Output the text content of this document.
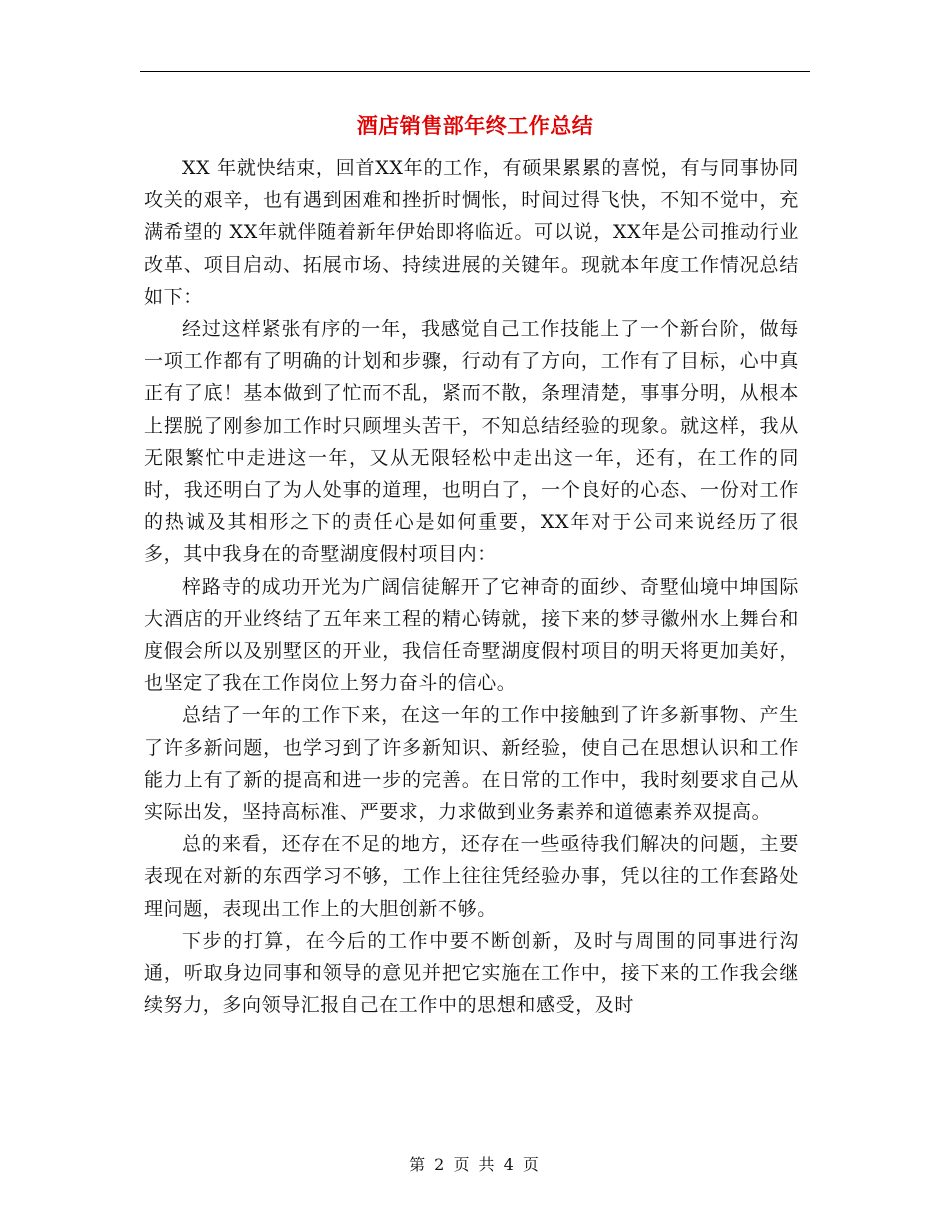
酒店销售部年终工作总结

XX 年就快结束，回首XX年的工作，有硕果累累的喜悦，有与同事协同攻关的艰辛，也有遇到困难和挫折时惆怅，时间过得飞快，不知不觉中，充满希望的 XX年就伴随着新年伊始即将临近。可以说，XX年是公司推动行业改革、项目启动、拓展市场、持续进展的关键年。现就本年度工作情况总结如下：

经过这样紧张有序的一年，我感觉自己工作技能上了一个新台阶，做每一项工作都有了明确的计划和步骤，行动有了方向，工作有了目标，心中真正有了底！基本做到了忙而不乱，紧而不散，条理清楚，事事分明，从根本上摆脱了刚参加工作时只顾埋头苦干，不知总结经验的现象。就这样，我从无限繁忙中走进这一年，又从无限轻松中走出这一年，还有，在工作的同时，我还明白了为人处事的道理，也明白了，一个良好的心态、一份对工作的热诚及其相形之下的责任心是如何重要，XX年对于公司来说经历了很多，其中我身在的奇墅湖度假村项目内：

梓路寺的成功开光为广阔信徒解开了它神奇的面纱、奇墅仙境中坤国际大酒店的开业终结了五年来工程的精心铸就，接下来的梦寻徽州水上舞台和度假会所以及别墅区的开业，我信任奇墅湖度假村项目的明天将更加美好，也坚定了我在工作岗位上努力奋斗的信心。

总结了一年的工作下来，在这一年的工作中接触到了许多新事物、产生了许多新问题，也学习到了许多新知识、新经验，使自己在思想认识和工作能力上有了新的提高和进一步的完善。在日常的工作中，我时刻要求自己从实际出发，坚持高标准、严要求，力求做到业务素养和道德素养双提高。

总的来看，还存在不足的地方，还存在一些亟待我们解决的问题，主要表现在对新的东西学习不够，工作上往往凭经验办事，凭以往的工作套路处理问题，表现出工作上的大胆创新不够。

下步的打算，在今后的工作中要不断创新，及时与周围的同事进行沟通，听取身边同事和领导的意见并把它实施在工作中，接下来的工作我会继续努力，多向领导汇报自己在工作中的思想和感受，及时

第 2 页 共 4 页
